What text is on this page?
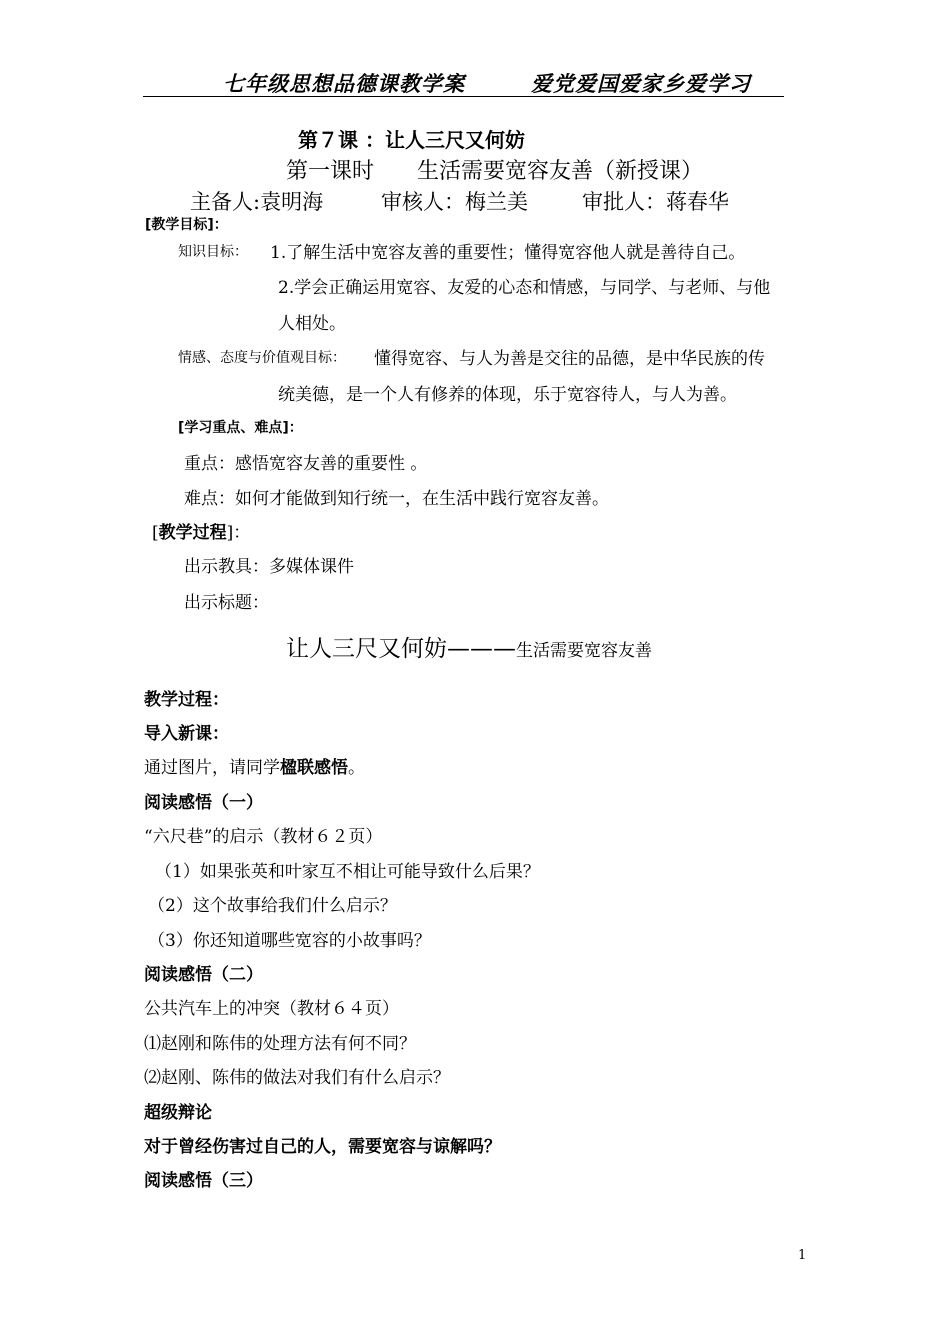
七年级思想品德课教学案	爱党爱国爱家乡爱学习
第７课 ：让人三尺又何妨
第一课时 生活需要宽容友善（新授课）
主备人:袁明海	审核人：梅兰美	审批人：蒋春华
[教学目标]：
知识目标： 1.了解生活中宽容友善的重要性；懂得宽容他人就是善待自己。
2.学会正确运用宽容、友爱的心态和情感，与同学、与老师、与他
人相处。
情感、态度与价值观目标： 懂得宽容、与人为善是交往的品德，是中华民族的传
统美德，是一个人有修养的体现，乐于宽容待人，与人为善。
[学习重点、难点]：
重点：感悟宽容友善的重要性 。
难点：如何才能做到知行统一，在生活中践行宽容友善。
[教学过程]：
出示教具：多媒体课件
出示标题：
让人三尺又何妨———生活需要宽容友善
教学过程：
导入新课：
通过图片，请同学楹联感悟。
阅读感悟（一）
“六尺巷”的启示（教材６２页）
（1）如果张英和叶家互不相让可能导致什么后果？
（2）这个故事给我们什么启示？
（3）你还知道哪些宽容的小故事吗？
阅读感悟（二）
公共汽车上的冲突（教材６４页）
⑴赵刚和陈伟的处理方法有何不同？
⑵赵刚、陈伟的做法对我们有什么启示？
超级辩论
对于曾经伤害过自己的人，需要宽容与谅解吗？
阅读感悟（三）
1
